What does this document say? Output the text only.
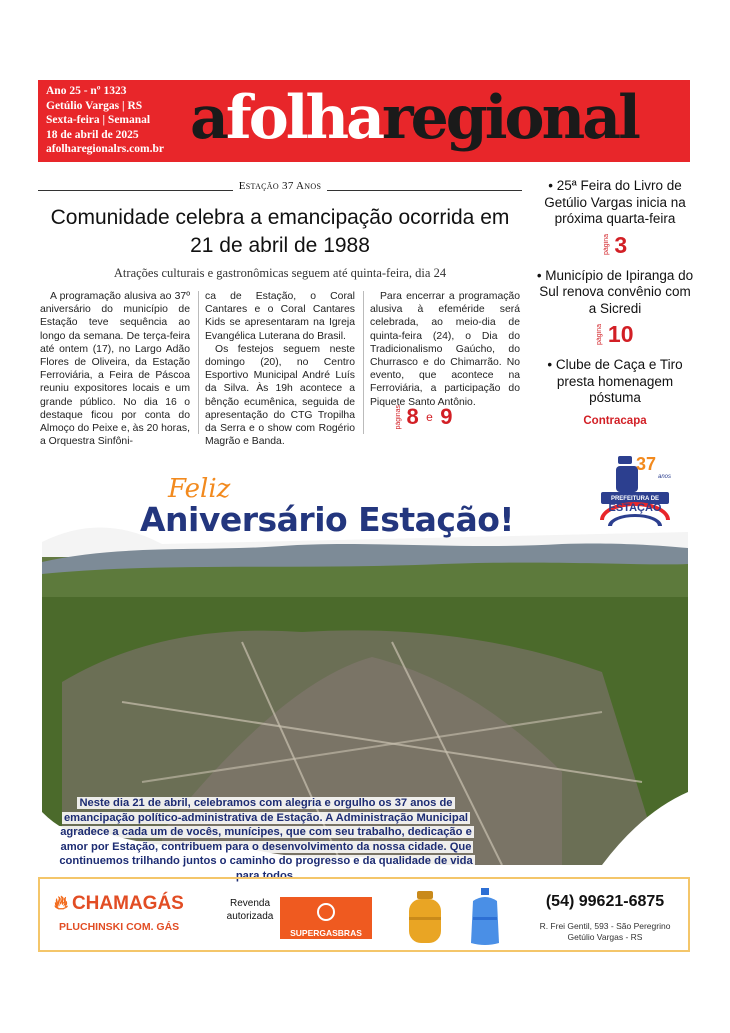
Ano 25 - nº 1323
Getúlio Vargas | RS
Sexta-feira | Semanal
18 de abril de 2025
afolharegionalrs.com.br afolharegional
Estação 37 Anos
Comunidade celebra a emancipação ocorrida em 21 de abril de 1988
Atrações culturais e gastronômicas seguem até quinta-feira, dia 24

A programação alusiva ao 37º aniversário do município de Estação teve sequência ao longo da semana. De terça-feira até ontem (17), no Largo Adão Flores de Oliveira, da Estação Ferroviária, a Feira de Páscoa reuniu expositores locais e um grande público. No dia 16 o destaque ficou por conta do Almoço do Peixe e, às 20 horas, a Orquestra Sinfôni-

ca de Estação, o Coral Cantares e o Coral Cantares Kids se apresentaram na Igreja Evangélica Luterana do Brasil.

Os festejos seguem neste domingo (20), no Centro Esportivo Municipal André Luís da Silva. Às 19h acontece a bênção ecumênica, seguida de apresentação do CTG Tropilha da Serra e o show com Rogério Magrão e Banda.

Para encerrar a programação alusiva à efeméride será celebrada, ao meio-dia de quinta-feira (24), o Dia do Tradicionalismo Gaúcho, do Churrasco e do Chimarrão. No evento, que acontece na Ferroviária, a participação do Piquete Santo Antônio.

páginas 8 e 9
• 25ª Feira do Livro de Getúlio Vargas inicia na próxima quarta-feira
página 3
• Município de Ipiranga do Sul renova convênio com a Sicredi
página 10
• Clube de Caça e Tiro presta homenagem póstuma
Contracapa
Feliz
Aniversário Estação!
37
anos
PREFEITURA DE
ESTAÇÃO
Neste dia 21 de abril, celebramos com alegria e orgulho os 37 anos de emancipação político-administrativa de Estação. A Administração Municipal agradece a cada um de vocês, munícipes, que com seu trabalho, dedicação e amor por Estação, contribuem para o desenvolvimento da nossa cidade. Que continuemos trilhando juntos o caminho do progresso e da qualidade de vida para todos.
🔥︎ CHAMAGÁS
PLUCHINSKI COM. GÁS
Revenda autorizada
SUPERGASBRAS
(54) 99621-6875
R. Frei Gentil, 593 - São Peregrino
Getúlio Vargas - RS
